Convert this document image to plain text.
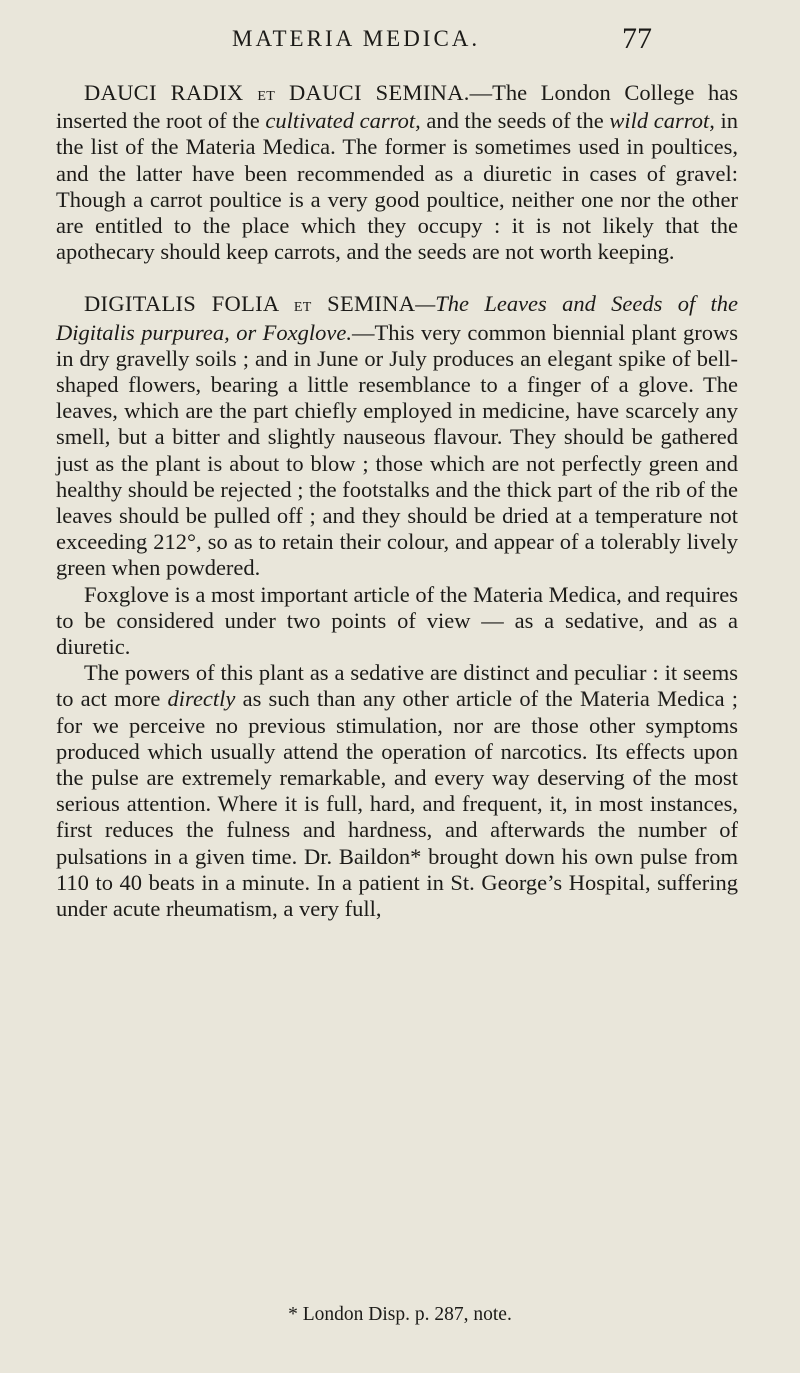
MATERIA MEDICA.	77

DAUCI RADIX et DAUCI SEMINA.—The London College has inserted the root of the cultivated carrot, and the seeds of the wild carrot, in the list of the Materia Medica. The former is sometimes used in poultices, and the latter have been recommended as a diuretic in cases of gravel: Though a carrot poultice is a very good poultice, neither one nor the other are entitled to the place which they occupy : it is not likely that the apothecary should keep carrots, and the seeds are not worth keeping.

DIGITALIS FOLIA et SEMINA—The Leaves and Seeds of the Digitalis purpurea, or Foxglove.—This very common biennial plant grows in dry gravelly soils ; and in June or July produces an elegant spike of bell-shaped flowers, bearing a little resemblance to a finger of a glove. The leaves, which are the part chiefly employed in medicine, have scarcely any smell, but a bitter and slightly nauseous flavour. They should be gathered just as the plant is about to blow ; those which are not perfectly green and healthy should be rejected ; the footstalks and the thick part of the rib of the leaves should be pulled off ; and they should be dried at a temperature not exceeding 212°, so as to retain their colour, and appear of a tolerably lively green when powdered.

Foxglove is a most important article of the Materia Medica, and requires to be considered under two points of view — as a sedative, and as a diuretic.

The powers of this plant as a sedative are distinct and peculiar : it seems to act more directly as such than any other article of the Materia Medica ; for we perceive no previous stimulation, nor are those other symptoms produced which usually attend the operation of narcotics. Its effects upon the pulse are extremely remarkable, and every way deserving of the most serious attention. Where it is full, hard, and frequent, it, in most instances, first reduces the fulness and hardness, and afterwards the number of pulsations in a given time. Dr. Baildon* brought down his own pulse from 110 to 40 beats in a minute. In a patient in St. George’s Hospital, suffering under acute rheumatism, a very full,

* London Disp. p. 287, note.
